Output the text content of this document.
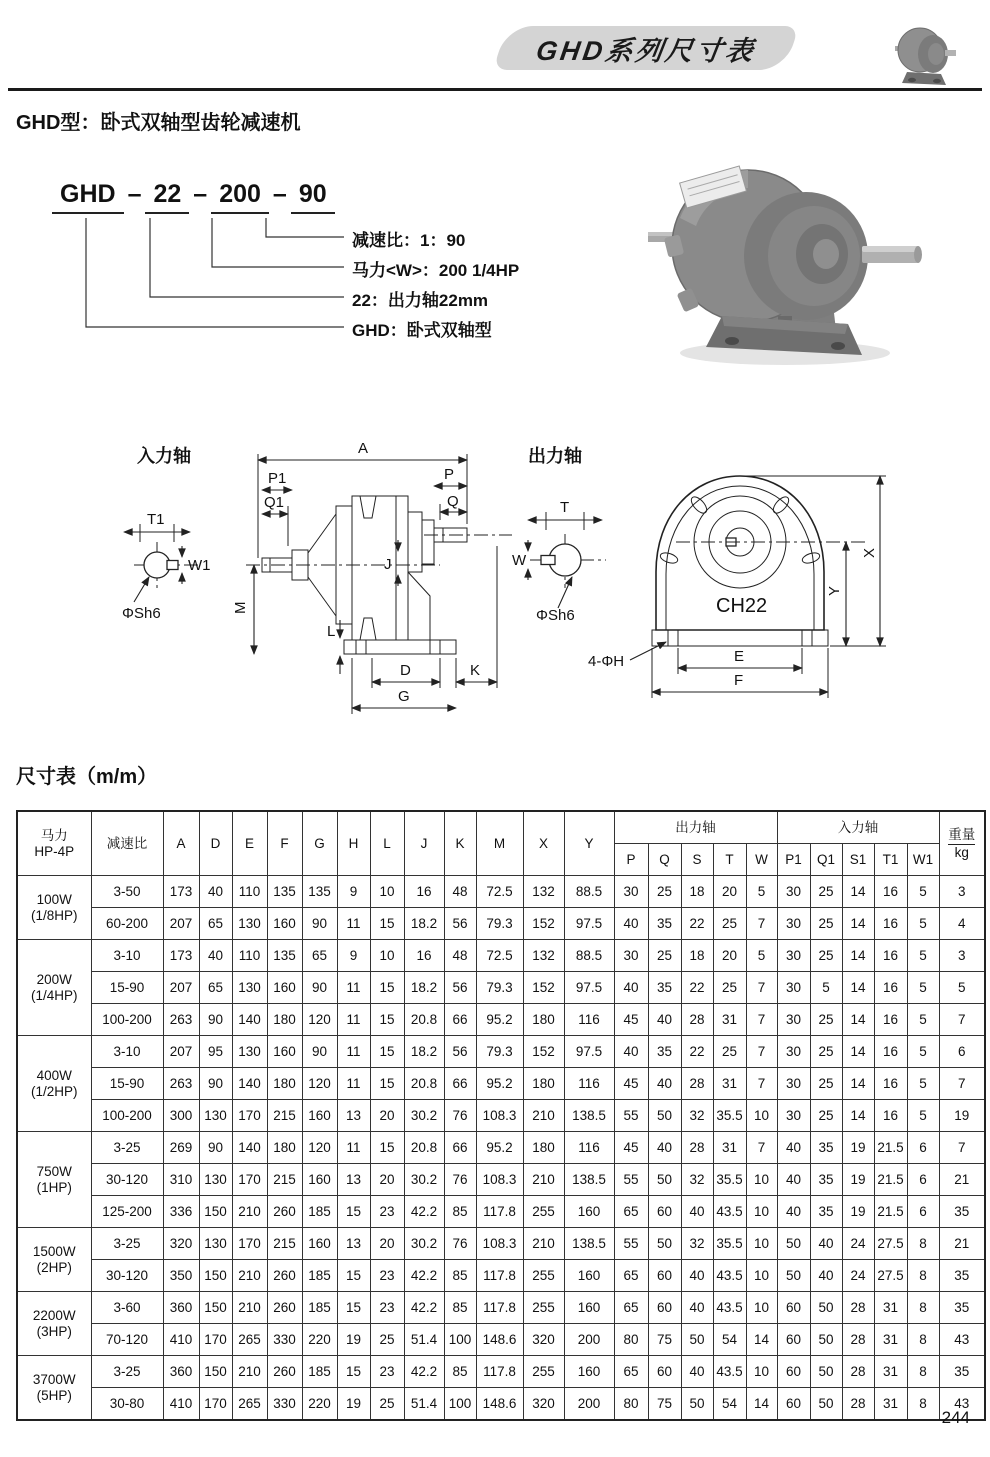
GHD系列尺寸表
GHD型：卧式双轴型齿轮减速机
GHD – 22 – 200 – 90
减速比：1：90
马力<W>：200 1/4HP
22：出力轴22mm
GHD：卧式双轴型
入力轴	出力轴
T1
W1
ΦSh6
A
P1
Q1
P
Q
J
M
L
D	K
G
T
W
ΦSh6	CH22
X
Y
E
F
4-ΦH
尺寸表（m/m）
马力
HP-4P
	减速比	A	D	E	F	G	H	L	J	K	M	X	Y	出力轴	入力轴	重量
kg

														P	Q	S	T	W	P1	Q1	S1	T1	W1	

100W
(1/8HP)	3-50	173	40	110	135	135	9	10	16	48	72.5	132	88.5	30	25	18	20	5	30	25	14	16	5	3
	60-200	207	65	130	160	90	11	15	18.2	56	79.3	152	97.5	40	35	22	25	7	30	25	14	16	5	4

200W
(1/4HP)	3-10	173	40	110	135	65	9	10	16	48	72.5	132	88.5	30	25	18	20	5	30	25	14	16	5	3
	15-90	207	65	130	160	90	11	15	18.2	56	79.3	152	97.5	40	35	22	25	7	30	5	14	16	5	5
	100-200	263	90	140	180	120	11	15	20.8	66	95.2	180	116	45	40	28	31	7	30	25	14	16	5	7

400W
(1/2HP)	3-10	207	95	130	160	90	11	15	18.2	56	79.3	152	97.5	40	35	22	25	7	30	25	14	16	5	6
	15-90	263	90	140	180	120	11	15	20.8	66	95.2	180	116	45	40	28	31	7	30	25	14	16	5	7
	100-200	300	130	170	215	160	13	20	30.2	76	108.3	210	138.5	55	50	32	35.5	10	30	25	14	16	5	19

750W
(1HP)	3-25	269	90	140	180	120	11	15	20.8	66	95.2	180	116	45	40	28	31	7	40	35	19	21.5	6	7
	30-120	310	130	170	215	160	13	20	30.2	76	108.3	210	138.5	55	50	32	35.5	10	40	35	19	21.5	6	21
	125-200	336	150	210	260	185	15	23	42.2	85	117.8	255	160	65	60	40	43.5	10	40	35	19	21.5	6	35

1500W
(2HP)	3-25	320	130	170	215	160	13	20	30.2	76	108.3	210	138.5	55	50	32	35.5	10	50	40	24	27.5	8	21
	30-120	350	150	210	260	185	15	23	42.2	85	117.8	255	160	65	60	40	43.5	10	50	40	24	27.5	8	35

2200W
(3HP)	3-60	360	150	210	260	185	15	23	42.2	85	117.8	255	160	65	60	40	43.5	10	60	50	28	31	8	35
	70-120	410	170	265	330	220	19	25	51.4	100	148.6	320	200	80	75	50	54	14	60	50	28	31	8	43

3700W
(5HP)	3-25	360	150	210	260	185	15	23	42.2	85	117.8	255	160	65	60	40	43.5	10	60	50	28	31	8	35
	30-80	410	170	265	330	220	19	25	51.4	100	148.6	320	200	80	75	50	54	14	60	50	28	31	8	43
244
